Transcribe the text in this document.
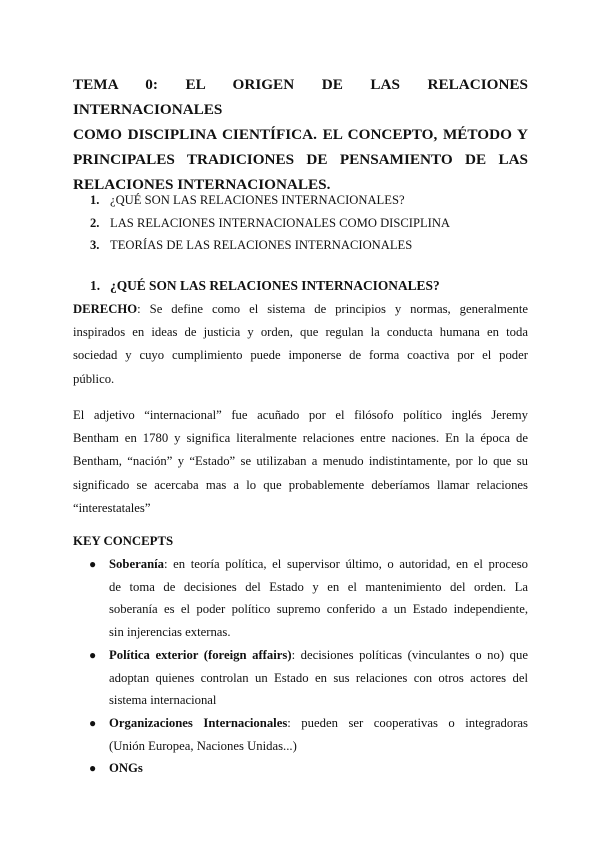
TEMA 0: EL ORIGEN DE LAS RELACIONES INTERNACIONALES
COMO DISCIPLINA CIENTÍFICA. EL CONCEPTO, MÉTODO Y
PRINCIPALES TRADICIONES DE PENSAMIENTO DE LAS
RELACIONES INTERNACIONALES.
1. ¿QUÉ SON LAS RELACIONES INTERNACIONALES?
2. LAS RELACIONES INTERNACIONALES COMO DISCIPLINA
3. TEORÍAS DE LAS RELACIONES INTERNACIONALES
1. ¿QUÉ SON LAS RELACIONES INTERNACIONALES?

DERECHO: Se define como el sistema de principios y normas, generalmente
inspirados en ideas de justicia y orden, que regulan la conducta humana en toda
sociedad y cuyo cumplimiento puede imponerse de forma coactiva por el poder
público.

El adjetivo “internacional” fue acuñado por el filósofo político inglés Jeremy
Bentham en 1780 y significa literalmente relaciones entre naciones. En la época de
Bentham, “nación” y “Estado” se utilizaban a menudo indistintamente, por lo que su
significado se acercaba mas a lo que probablemente deberíamos llamar relaciones
“interestatales”

KEY CONCEPTS
● Soberanía: en teoría política, el supervisor último, o autoridad, en el proceso
de toma de decisiones del Estado y en el mantenimiento del orden. La
soberanía es el poder político supremo conferido a un Estado independiente,
sin injerencias externas.
● Política exterior (foreign affairs): decisiones políticas (vinculantes o no) que
adoptan quienes controlan un Estado en sus relaciones con otros actores del
sistema internacional
● Organizaciones Internacionales: pueden ser cooperativas o integradoras
(Unión Europea, Naciones Unidas...)
● ONGs
